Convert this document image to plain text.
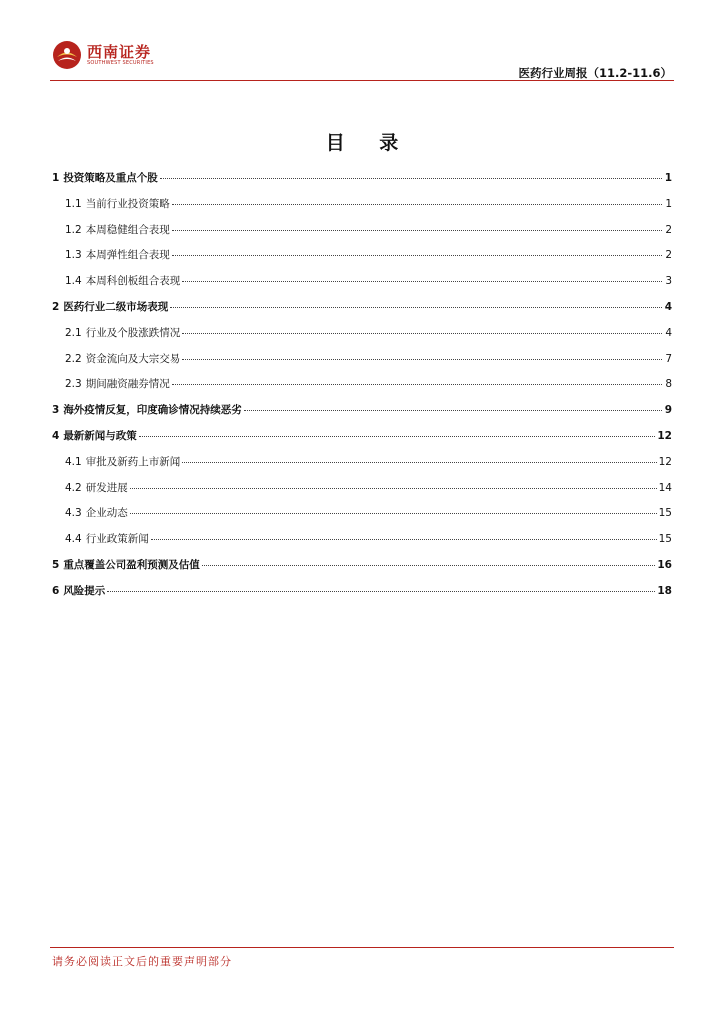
西南证券
SOUTHWEST SECURITIES
医药行业周报（11.2-11.6）
目 录
1 投资策略及重点个股	1
1.1 当前行业投资策略	1
1.2 本周稳健组合表现	2
1.3 本周弹性组合表现	2
1.4 本周科创板组合表现	3
2 医药行业二级市场表现	4
2.1 行业及个股涨跌情况	4
2.2 资金流向及大宗交易	7
2.3 期间融资融券情况	8
3 海外疫情反复，印度确诊情况持续恶劣	9
4 最新新闻与政策	12
4.1 审批及新药上市新闻	12
4.2 研发进展	14
4.3 企业动态	15
4.4 行业政策新闻	15
5 重点覆盖公司盈利预测及估值	16
6 风险提示	18
请务必阅读正文后的重要声明部分
